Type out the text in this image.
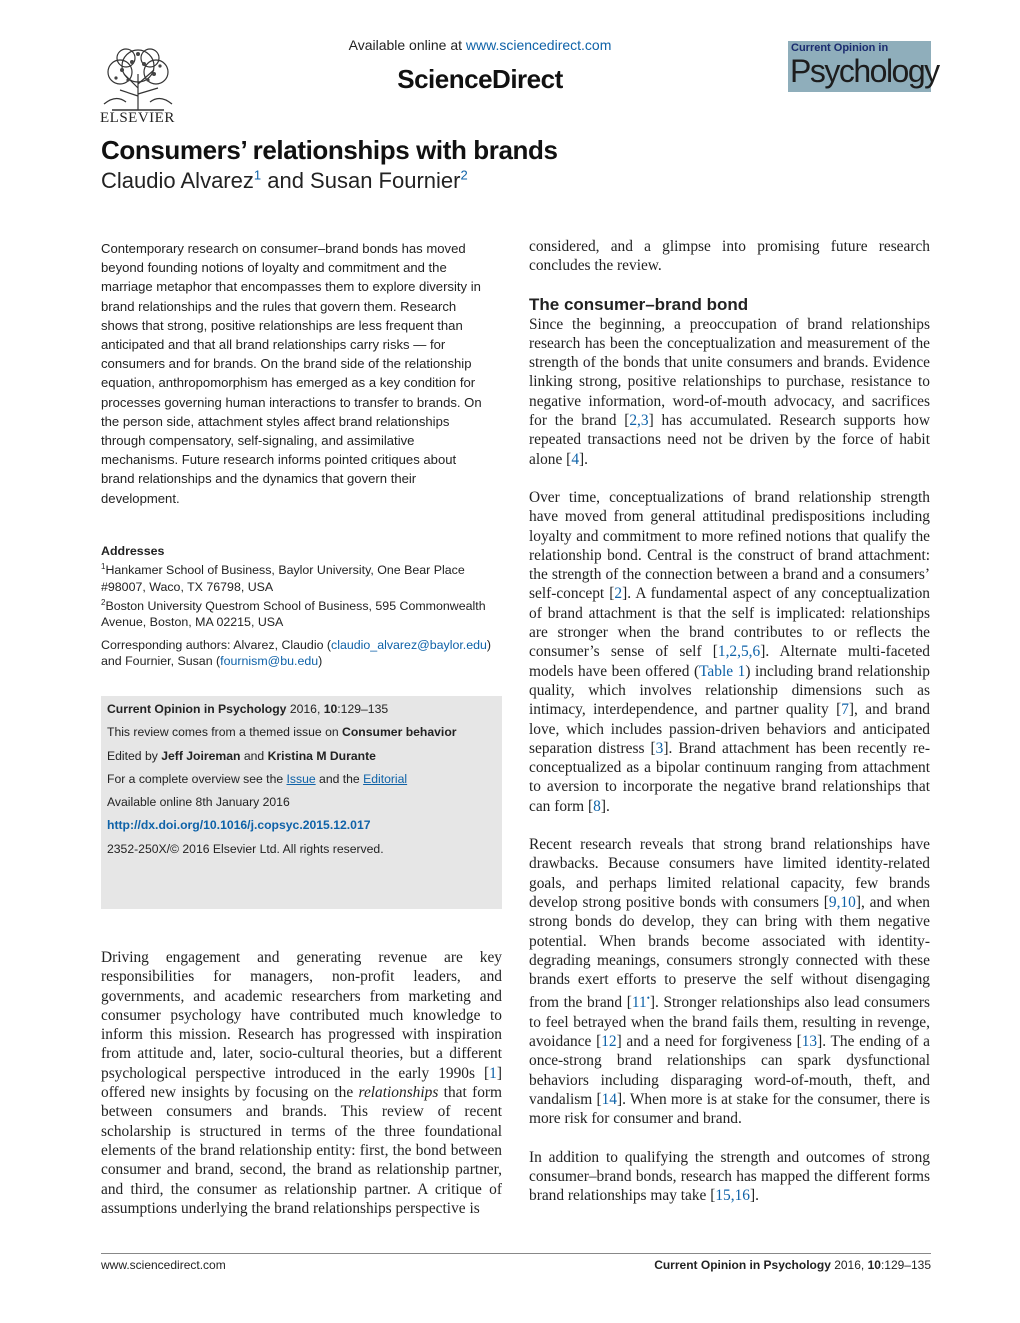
ELSEVIER
Available online at www.sciencedirect.com
ScienceDirect
Current Opinion in
Psychology
Consumers’ relationships with brands
Claudio Alvarez$^1$ and Susan Fournier$^2$
Contemporary research on consumer–brand bonds has moved beyond founding notions of loyalty and commitment and the marriage metaphor that encompasses them to explore diversity in brand relationships and the rules that govern them. Research shows that strong, positive relationships are less frequent than anticipated and that all brand relationships carry risks — for consumers and for brands. On the brand side of the relationship equation, anthropomorphism has emerged as a key condition for processes governing human interactions to transfer to brands. On the person side, attachment styles affect brand relationships through compensatory, self-signaling, and assimilative mechanisms. Future research informs pointed critiques about brand relationships and the dynamics that govern their development.
Addresses
$^1$Hankamer School of Business, Baylor University, One Bear Place #98007, Waco, TX 76798, USA
$^2$Boston University Questrom School of Business, 595 Commonwealth Avenue, Boston, MA 02215, USA
Corresponding authors: Alvarez, Claudio (claudio_alvarez@baylor.edu) and Fournier, Susan (fournism@bu.edu)
Current Opinion in Psychology 2016, 10:129–135
This review comes from a themed issue on Consumer behavior
Edited by Jeff Joireman and Kristina M Durante
For a complete overview see the Issue and the Editorial
Available online 8th January 2016
http://dx.doi.org/10.1016/j.copsyc.2015.12.017
2352-250X/© 2016 Elsevier Ltd. All rights reserved.
Driving engagement and generating revenue are key responsibilities for managers, non-profit leaders, and governments, and academic researchers from marketing and consumer psychology have contributed much knowledge to inform this mission. Research has progressed with inspiration from attitude and, later, socio-cultural theories, but a different psychological perspective introduced in the early 1990s [1] offered new insights by focusing on the relationships that form between consumers and brands. This review of recent scholarship is structured in terms of the three foundational elements of the brand relationship entity: first, the bond between consumer and brand, second, the brand as relationship partner, and third, the consumer as relationship partner. A critique of assumptions underlying the brand relationships perspective is

considered, and a glimpse into promising future research concludes the review.

The consumer–brand bond

Since the beginning, a preoccupation of brand relationships research has been the conceptualization and measurement of the strength of the bonds that unite consumers and brands. Evidence linking strong, positive relationships to purchase, resistance to negative information, word-of-mouth advocacy, and sacrifices for the brand [2,3] has accumulated. Research supports how repeated transactions need not be driven by the force of habit alone [4].

Over time, conceptualizations of brand relationship strength have moved from general attitudinal predispositions including loyalty and commitment to more refined notions that qualify the relationship bond. Central is the construct of brand attachment: the strength of the connection between a brand and a consumers’ self-concept [2]. A fundamental aspect of any conceptualization of brand attachment is that the self is implicated: relationships are stronger when the brand contributes to or reflects the consumer’s sense of self [1,2,5,6]. Alternate multi-faceted models have been offered (Table 1) including brand relationship quality, which involves relationship dimensions such as intimacy, interdependence, and partner quality [7], and brand love, which includes passion-driven behaviors and anticipated separation distress [3]. Brand attachment has been recently re-conceptualized as a bipolar continuum ranging from attachment to aversion to incorporate the negative brand relationships that can form [8].

Recent research reveals that strong brand relationships have drawbacks. Because consumers have limited identity-related goals, and perhaps limited relational capacity, few brands develop strong positive bonds with consumers [9,10], and when strong bonds do develop, they can bring with them negative potential. When brands become associated with identity-degrading meanings, consumers strongly connected with these brands exert efforts to preserve the self without disengaging from the brand [11•]. Stronger relationships also lead consumers to feel betrayed when the brand fails them, resulting in revenge, avoidance [12] and a need for forgiveness [13]. The ending of a once-strong brand relationships can spark dysfunctional behaviors including disparaging word-of-mouth, theft, and vandalism [14]. When more is at stake for the consumer, there is more risk for consumer and brand.

In addition to qualifying the strength and outcomes of strong consumer–brand bonds, research has mapped the different forms brand relationships may take [15,16].

www.sciencedirect.com	Current Opinion in Psychology 2016, 10:129–135
